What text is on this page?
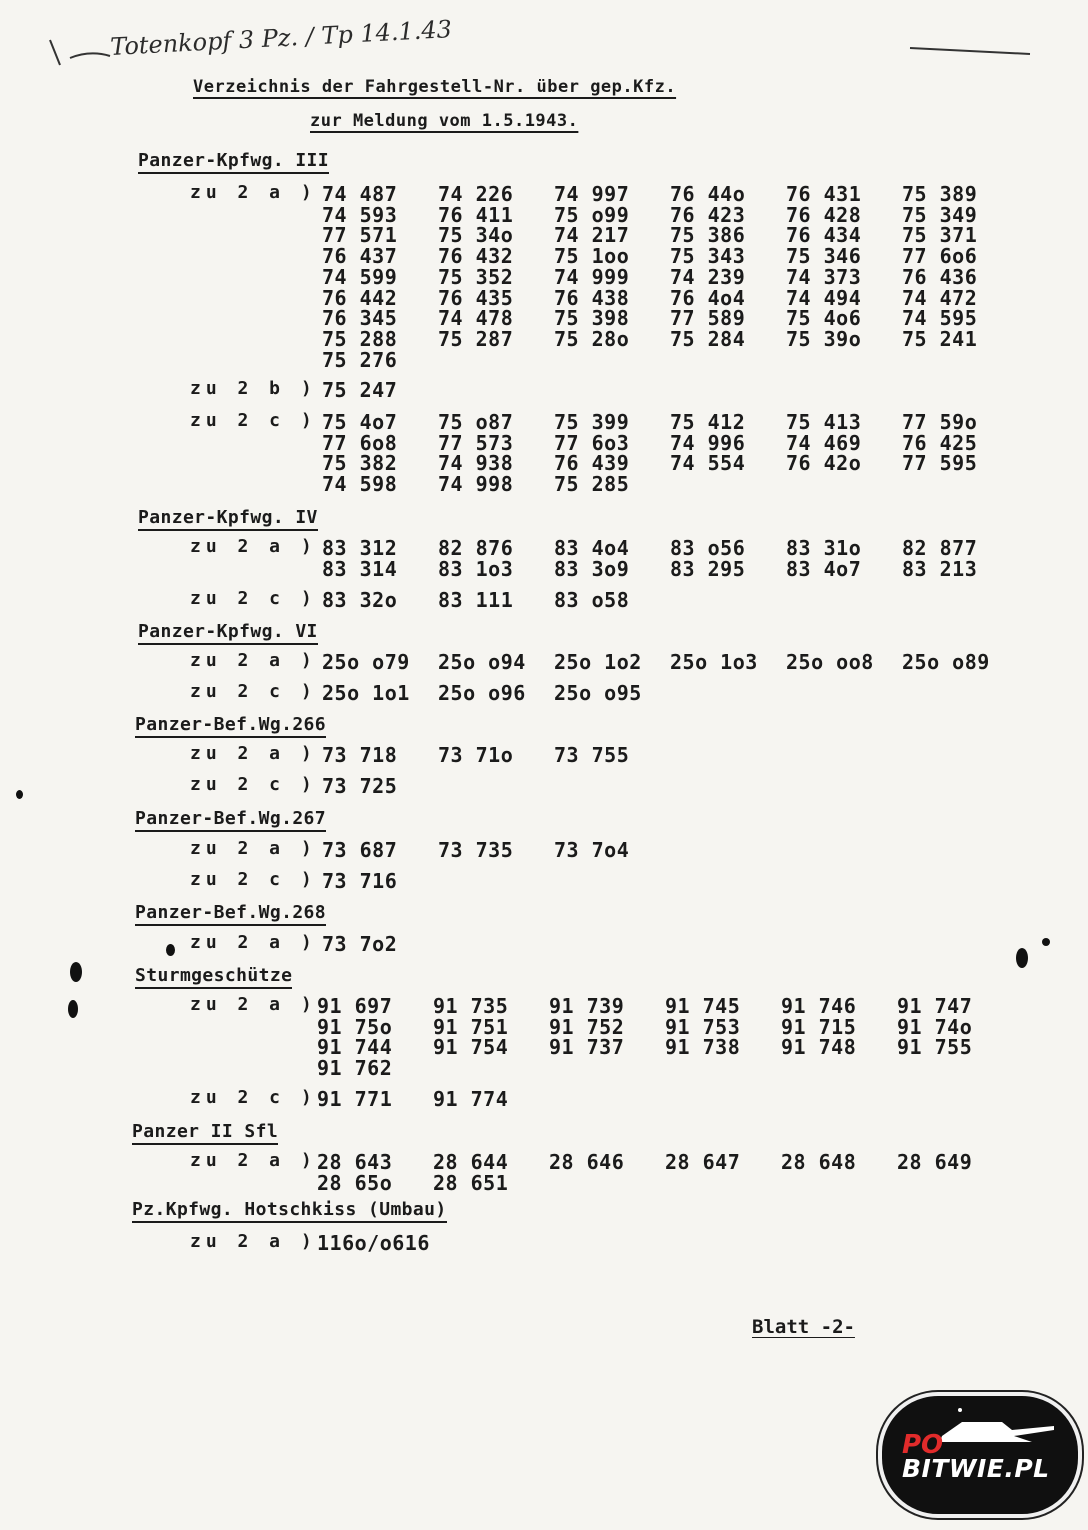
Totenkopf 3 Pz. / Tp 14.1.43
Verzeichnis der Fahrgestell-Nr. über gep.Kfz.
zur Meldung vom 1.5.1943.
Panzer-Kpfwg. III
zu 2 a ) 74 487 74 226 74 997 76 44o 76 431 75 389
74 593 76 411 75 o99 76 423 76 428 75 349
77 571 75 34o 74 217 75 386 76 434 75 371
76 437 76 432 75 1oo 75 343 75 346 77 6o6
74 599 75 352 74 999 74 239 74 373 76 436
76 442 76 435 76 438 76 4o4 74 494 74 472
76 345 74 478 75 398 77 589 75 4o6 74 595
75 288 75 287 75 28o 75 284 75 39o 75 241
75 276
zu 2 b ) 75 247
zu 2 c ) 75 4o7 75 o87 75 399 75 412 75 413 77 59o
77 6o8 77 573 77 6o3 74 996 74 469 76 425
75 382 74 938 76 439 74 554 76 42o 77 595
74 598 74 998 75 285
Panzer-Kpfwg. IV
zu 2 a ) 83 312 82 876 83 4o4 83 o56 83 31o 82 877
83 314 83 1o3 83 3o9 83 295 83 4o7 83 213
zu 2 c ) 83 32o 83 111 83 o58
Panzer-Kpfwg. VI
zu 2 a ) 25o o79 25o o94 25o 1o2 25o 1o3 25o oo8 25o o89
zu 2 c ) 25o 1o1 25o o96 25o o95
Panzer-Bef.Wg.266
zu 2 a ) 73 718 73 71o 73 755
zu 2 c ) 73 725
Panzer-Bef.Wg.267
zu 2 a ) 73 687 73 735 73 7o4
zu 2 c ) 73 716
Panzer-Bef.Wg.268
zu 2 a ) 73 7o2
Sturmgeschütze
zu 2 a ) 91 697 91 735 91 739 91 745 91 746 91 747
91 75o 91 751 91 752 91 753 91 715 91 74o
91 744 91 754 91 737 91 738 91 748 91 755
91 762
zu 2 c ) 91 771 91 774
Panzer II Sfl
zu 2 a ) 28 643 28 644 28 646 28 647 28 648 28 649
28 65o 28 651
Pz.Kpfwg. Hotschkiss (Umbau)
zu 2 a ) 116o/o616
Blatt -2-
PO
BITWIE.PL
